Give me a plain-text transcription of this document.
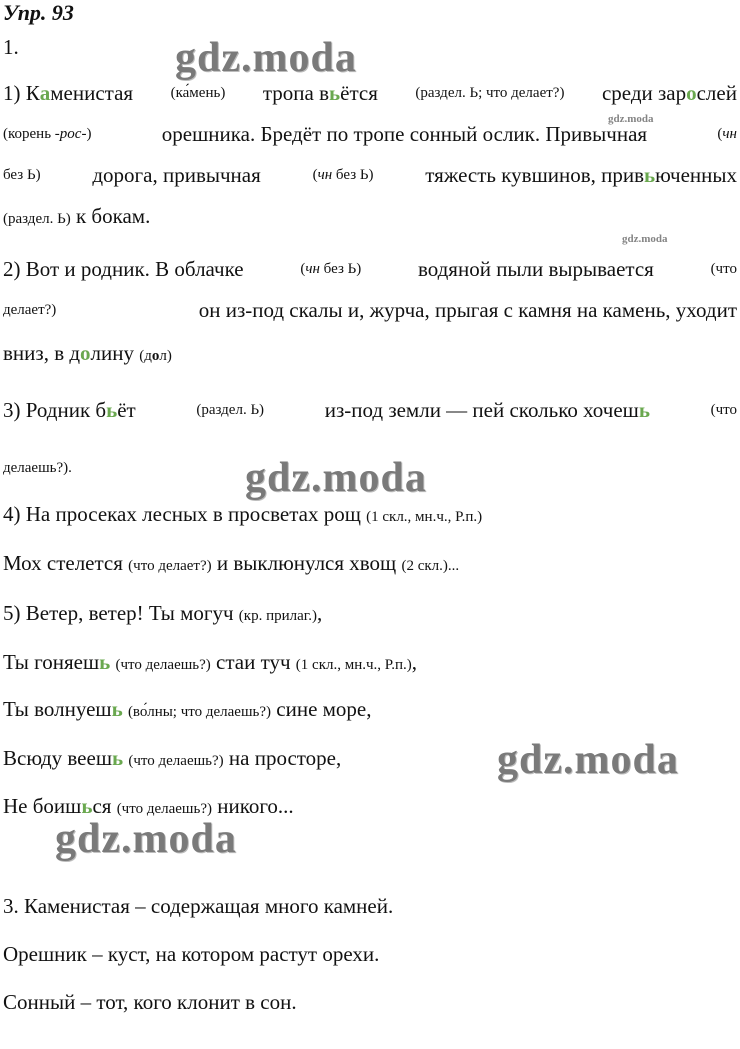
Упр. 93
1.
1) Каменистая	(ка́мень) тропа вьётся	(раздел. Ь; что делает?) среди зарослей
(корень -рос-)	орешника. Бредёт по тропе сонный ослик. Привычная	(чн
без Ь) дорога, привычная	(чн без Ь) тяжесть кувшинов, привьюченных
(раздел. Ь) к бокам.
2) Вот и родник. В облачке	(чн без Ь)	водяной пыли вырывается	(что
делает?)	он из-под скалы и, журча, прыгая с камня на камень, уходит
вниз, в долину (дол)
3) Родник бьёт	(раздел. Ь)	из-под земли — пей сколько хочешь	(что
делаешь?).
4) На просеках лесных в просветах рощ (1 скл., мн.ч., Р.п.)
Мох стелется (что делает?) и выклюнулся хвощ (2 скл.)...
5) Ветер, ветер! Ты могуч (кр. прилаг.),
Ты гоняешь (что делаешь?) стаи туч (1 скл., мн.ч., Р.п.),
Ты волнуешь (во́лны; что делаешь?) сине море,
Всюду веешь (что делаешь?) на просторе,
Не боишься (что делаешь?) никого...
3. Каменистая – содержащая много камней.
Орешник – куст, на котором растут орехи.
Сонный – тот, кого клонит в сон.
gdz.moda
gdz.moda
gdz.moda
gdz.moda
gdz.moda
gdz.moda
